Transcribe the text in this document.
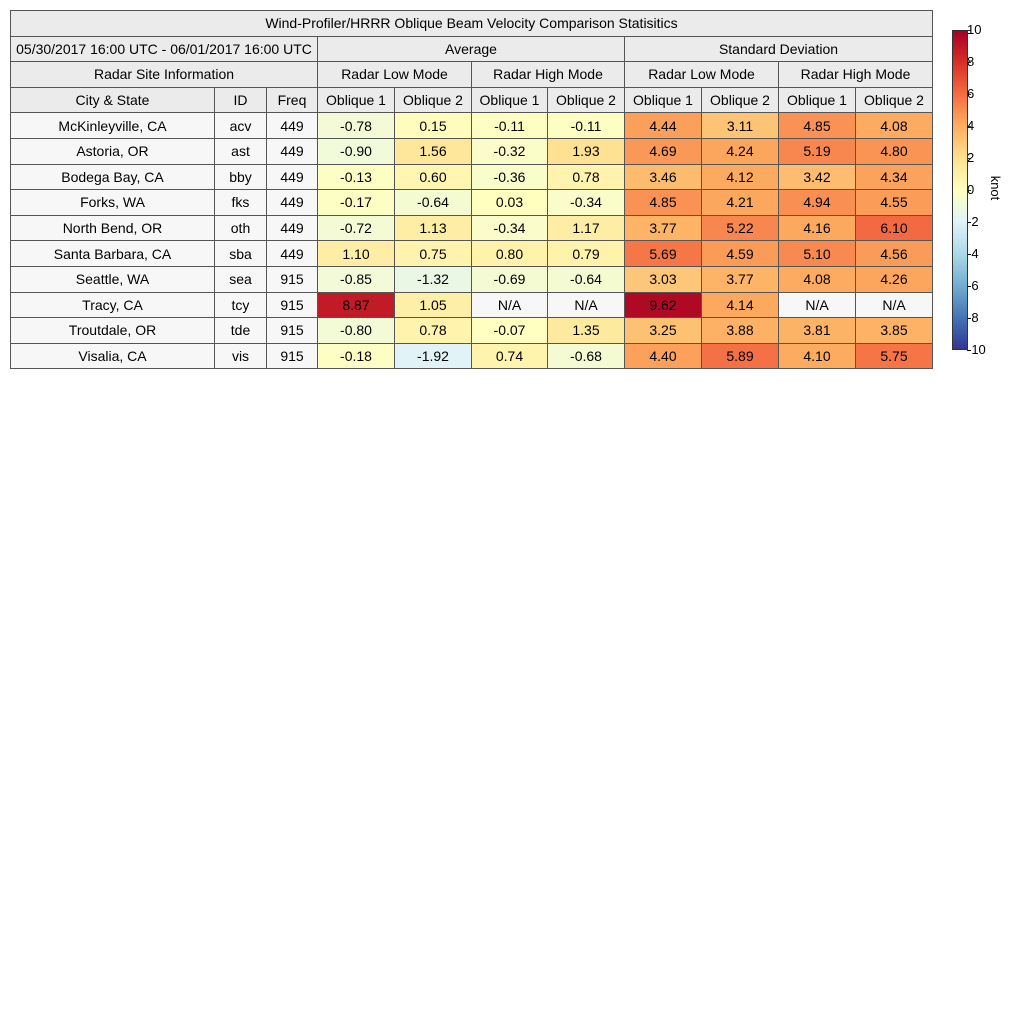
Wind-Profiler/HRRR Oblique Beam Velocity Comparison Statisitics										
05/30/2017 16:00 UTC - 06/01/2017 16:00 UTC			Average				Standard Deviation			
Radar Site Information			Radar Low Mode		Radar High Mode		Radar Low Mode		Radar High Mode	
City & State	ID	Freq	Oblique 1	Oblique 2	Oblique 1	Oblique 2	Oblique 1	Oblique 2	Oblique 1	Oblique 2
McKinleyville, CA	acv	449	-0.78	0.15	-0.11	-0.11	4.44	3.11	4.85	4.08
Astoria, OR	ast	449	-0.90	1.56	-0.32	1.93	4.69	4.24	5.19	4.80
Bodega Bay, CA	bby	449	-0.13	0.60	-0.36	0.78	3.46	4.12	3.42	4.34
Forks, WA	fks	449	-0.17	-0.64	0.03	-0.34	4.85	4.21	4.94	4.55
North Bend, OR	oth	449	-0.72	1.13	-0.34	1.17	3.77	5.22	4.16	6.10
Santa Barbara, CA	sba	449	1.10	0.75	0.80	0.79	5.69	4.59	5.10	4.56
Seattle, WA	sea	915	-0.85	-1.32	-0.69	-0.64	3.03	3.77	4.08	4.26
Tracy, CA	tcy	915	8.87	1.05	N/A	N/A	9.62	4.14	N/A	N/A
Troutdale, OR	tde	915	-0.80	0.78	-0.07	1.35	3.25	3.88	3.81	3.85
Visalia, CA	vis	915	-0.18	-1.92	0.74	-0.68	4.40	5.89	4.10	5.75
10
8
6
4
2
0
-2
-4
-6
-8
-10
knot
